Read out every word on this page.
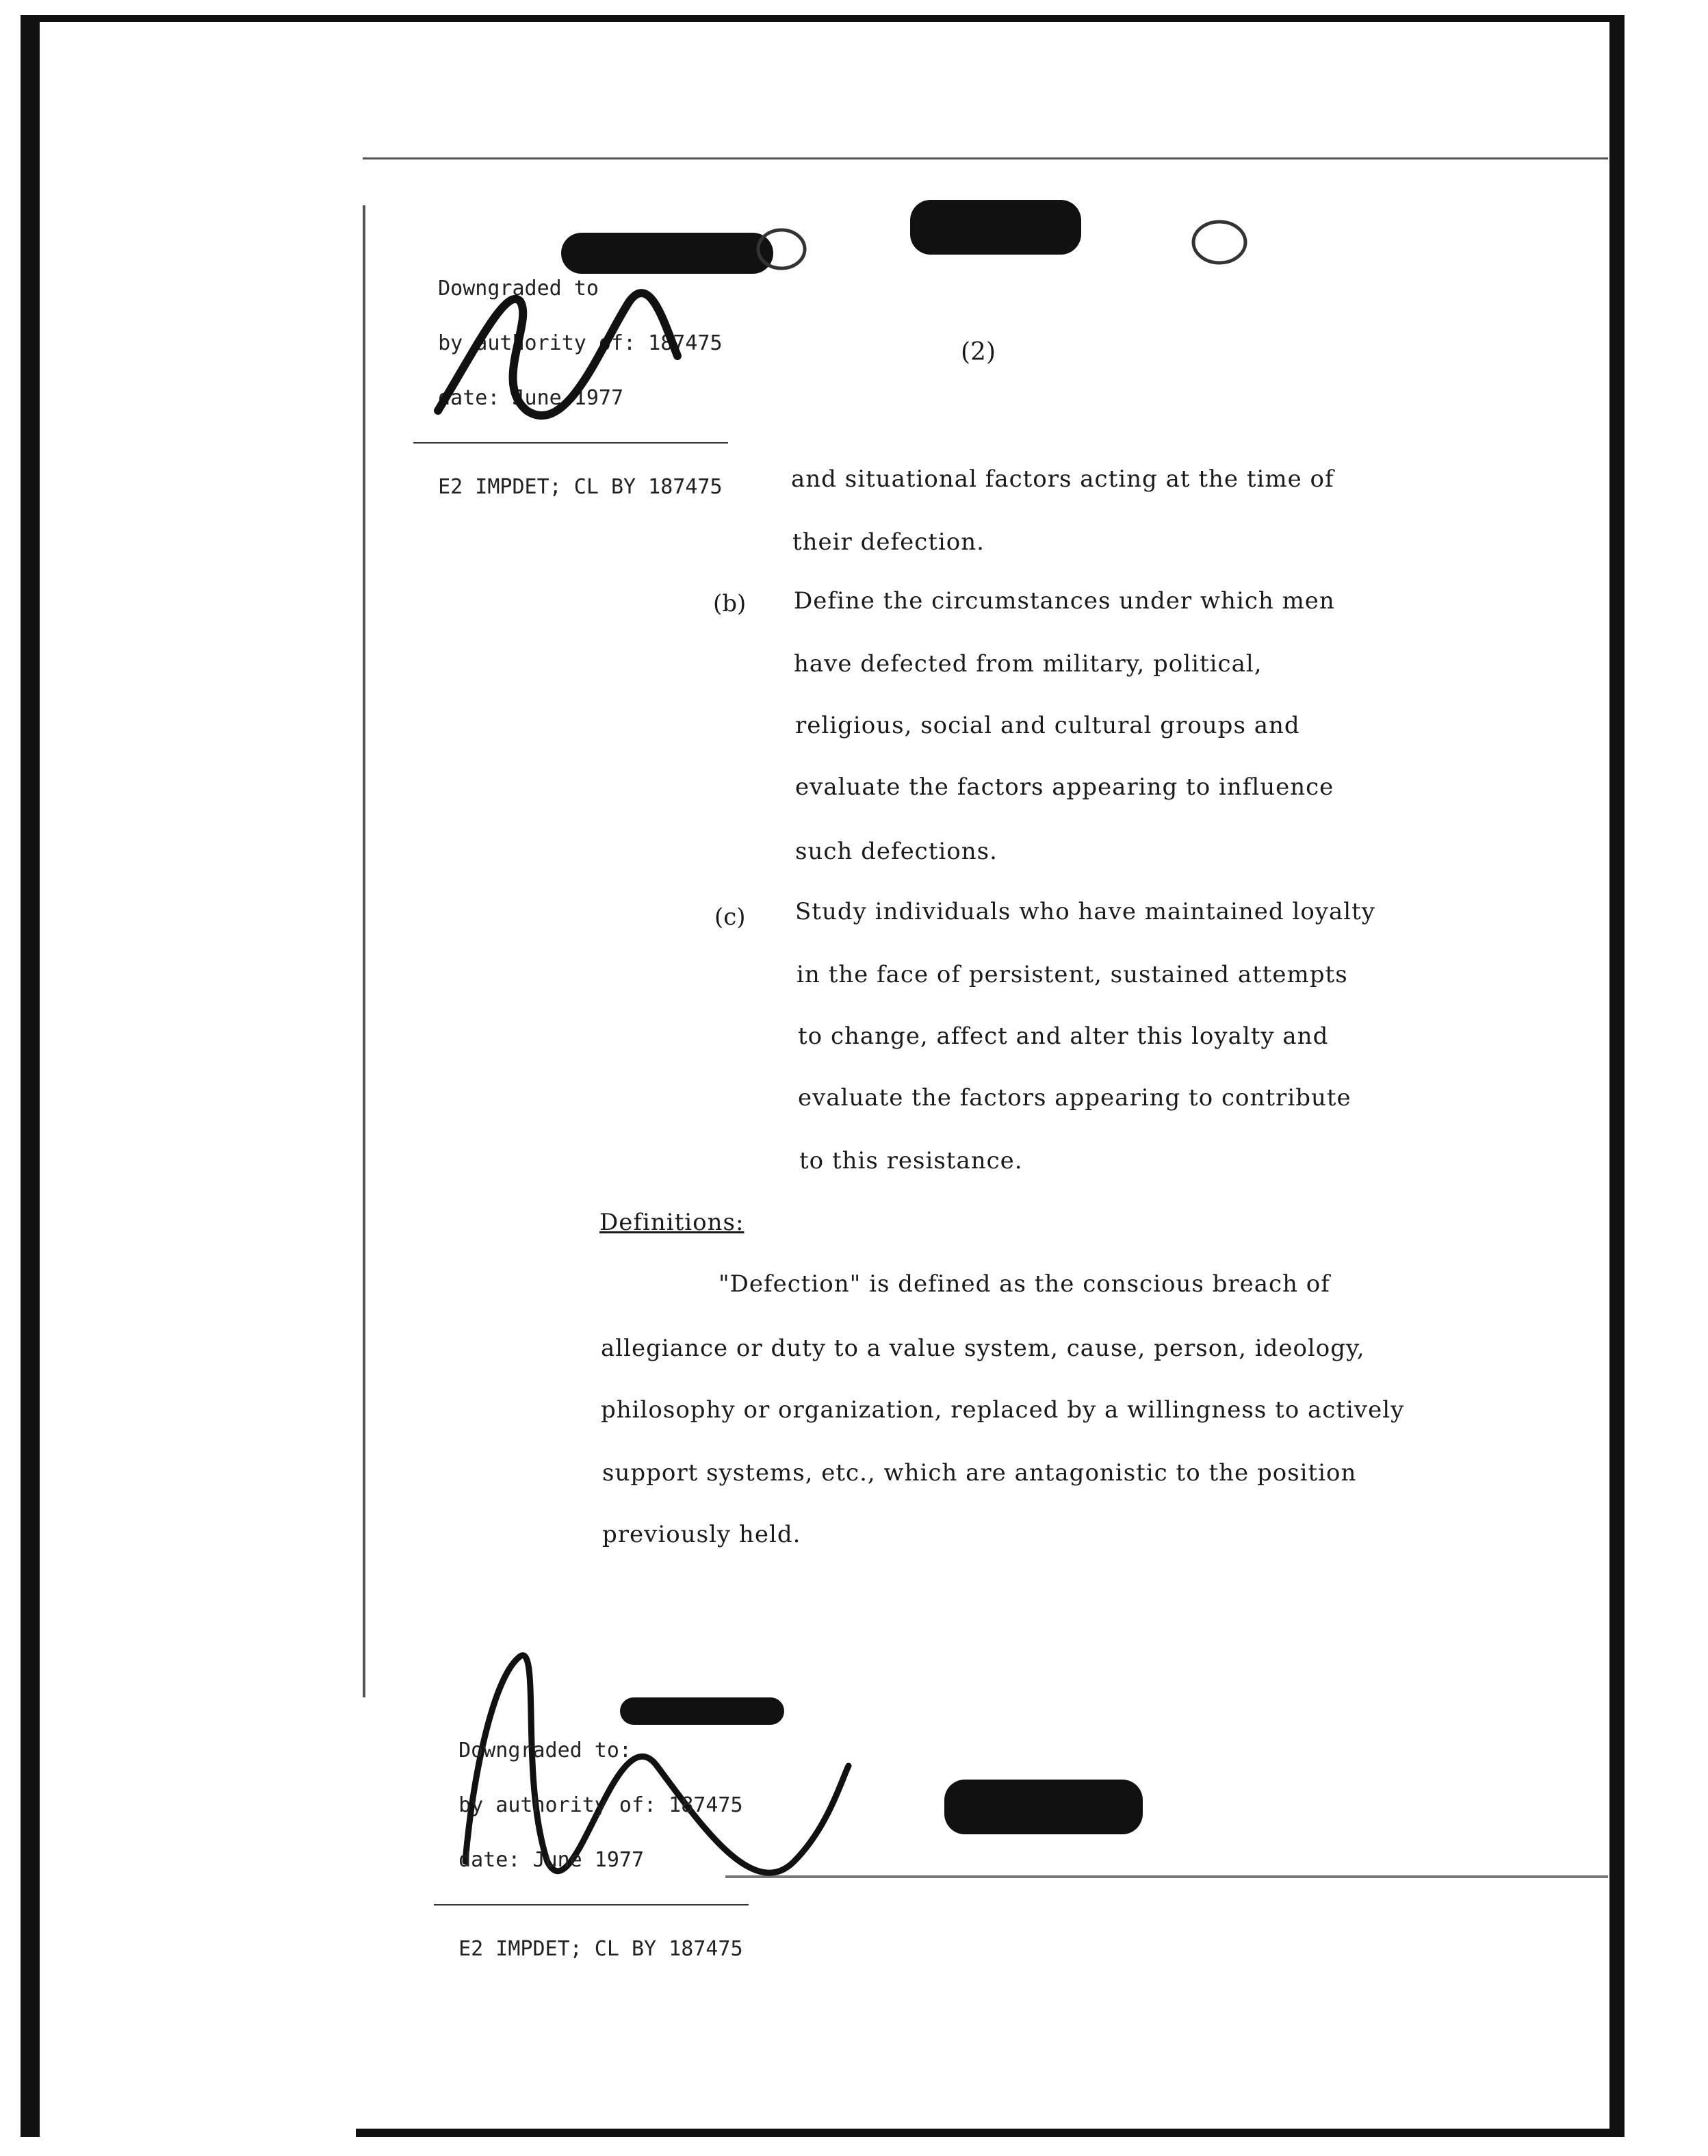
Downgraded to

by authority of: 187475

date: June 1977

E2 IMPDET; CL BY 187475

(2)
and situational factors acting at the time of
their defection.
(b) Define the circumstances under which men
have defected from military, political,
religious, social and cultural groups and
evaluate the factors appearing to influence
such defections.
(c) Study individuals who have maintained loyalty
in the face of persistent, sustained attempts
to change, affect and alter this loyalty and
evaluate the factors appearing to contribute
to this resistance.
Definitions:
"Defection" is defined as the conscious breach of
allegiance or duty to a value system, cause, person, ideology,
philosophy or organization, replaced by a willingness to actively
support systems, etc., which are antagonistic to the position
previously held.

Downgraded to:

by authority of: 187475

date: June 1977

E2 IMPDET; CL BY 187475
